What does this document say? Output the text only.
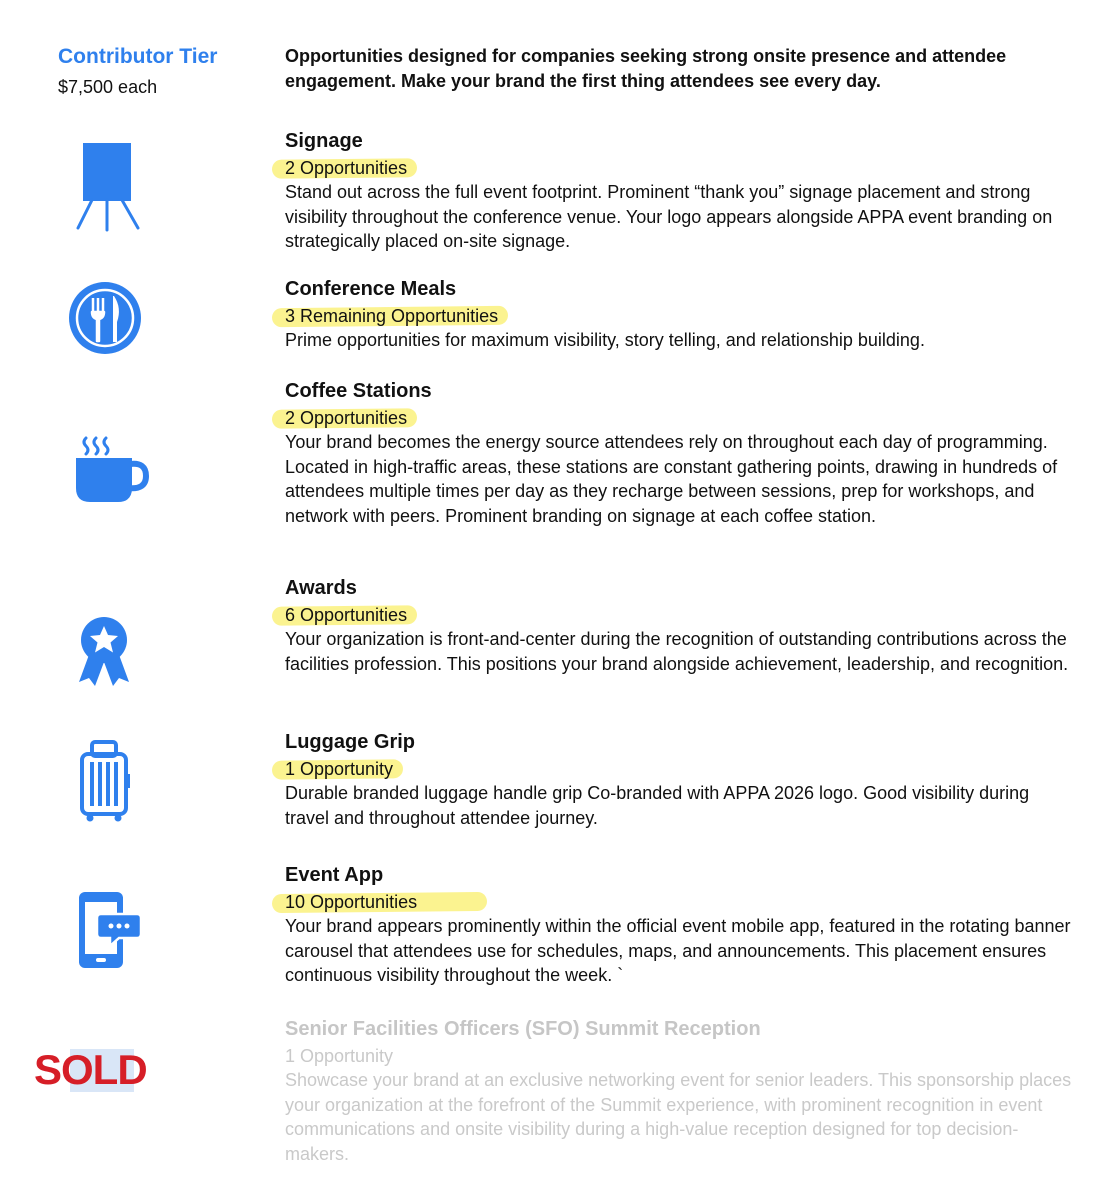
Contributor Tier
$7,500 each
Opportunities designed for companies seeking strong onsite presence and attendee engagement. Make your brand the first thing attendees see every day.
SOLD
Signage
2 Opportunities
Stand out across the full event footprint. Prominent “thank you” signage placement and strong visibility throughout the conference venue. Your logo appears alongside APPA event branding on strategically placed on-site signage.
Conference Meals
3 Remaining Opportunities
Prime opportunities for maximum visibility, story telling, and relationship building.
Coffee Stations
2 Opportunities
Your brand becomes the energy source attendees rely on throughout each day of programming. Located in high-traffic areas, these stations are constant gathering points, drawing in hundreds of attendees multiple times per day as they recharge between sessions, prep for workshops, and network with peers. Prominent branding on signage at each coffee station.
Awards
6 Opportunities
Your organization is front-and-center during the recognition of outstanding contributions across the facilities profession. This positions your brand alongside achievement, leadership, and recognition.
Luggage Grip
1 Opportunity
Durable branded luggage handle grip Co-branded with APPA 2026 logo. Good visibility during travel and throughout attendee journey.
Event App
10 Opportunities
Your brand appears prominently within the official event mobile app, featured in the rotating banner carousel that attendees use for schedules, maps, and announcements. This placement ensures continuous visibility throughout the week. `
Senior Facilities Officers (SFO) Summit Reception
1 Opportunity
Showcase your brand at an exclusive networking event for senior leaders. This sponsorship places your organization at the forefront of the Summit experience, with prominent recognition in event communications and onsite visibility during a high-value reception designed for top decision-makers.
